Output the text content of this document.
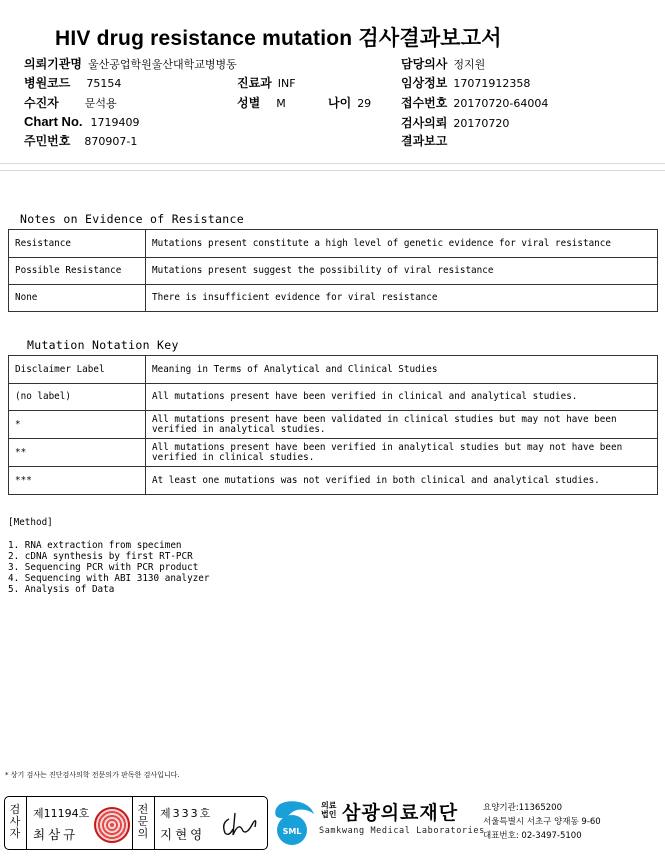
HIV drug resistance mutation 검사결과보고서
의뢰기관명 울산공업학원울산대학교병병동	담당의사 정지원
병원코드 75154	진료과 INF	임상정보 17071912358
수진자 문석용	성별 M	나이 29 접수번호 20170720-64004
Chart No. 1719409	검사의뢰 20170720
주민번호 870907-1	결과보고
Notes on Evidence of Resistance
Resistance	Mutations present constitute a high level of genetic evidence for viral resistance
Possible Resistance	Mutations present suggest the possibility of viral resistance
None	There is insufficient evidence for viral resistance
Mutation Notation Key
Disclaimer Label	Meaning in Terms of Analytical and Clinical Studies
(no label)	All mutations present have been verified in clinical and analytical studies.
*	All mutations present have been validated in clinical studies but may not have been verified in analytical studies.
**	All mutations present have been verified in analytical studies but may not have been verified in clinical studies.
***	At least one mutations was not verified in both clinical and analytical studies.
[Method]
1. RNA extraction from specimen
2. cDNA synthesis by first RT-PCR
3. Sequencing PCR with PCR product
4. Sequencing with ABI 3130 analyzer
5. Analysis of Data
* 상기 검사는 진단검사의학 전문의가 판독한 검사입니다.
검사자
제11194호
최삼규
전문의
제333호
지현영	SML
의료
법인 삼광의료재단
Samkwang Medical Laboratories
요양기관:11365200
서울특별시 서초구 양재동 9-60
대표번호: 02-3497-5100
